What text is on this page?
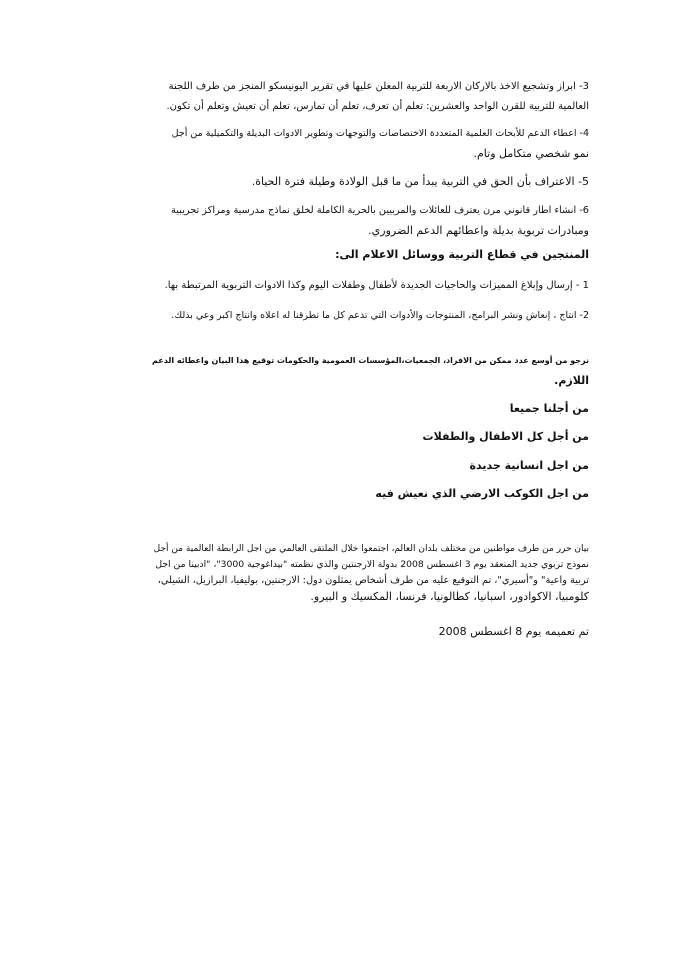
3- ابراز وتشجيع الاخذ بالاركان الاربعة للتربية المعلن عليها في تقرير اليونيسكو المنجز من طرف اللجنة
العالمية للتربية للقرن الواحد والعشرين: تعلم أن تعرف، تعلم أن تمارس، تعلم أن تعيش وتعلم أن تكون.
4- اعطاء الدعم للأبحاث العلمية المتعددة الاختصاصات والتوجهات وتطوير الادوات البديلة والتكميلية من أجل
نمو شخصي متكامل وتام.
5- الاعتراف بأن الحق في التربية يبدأ من ما قبل الولادة وطيلة فترة الحياة.
6- انشاء اطار قانوني مرن يعترف للعائلات والمربيين بالحرية الكاملة لخلق نماذج مدرسية ومراكز تجريبية
ومبادرات تربوية بديلة واعطائهم الدعم الضروري.
المنتجين في قطاع التربية ووسائل الاعلام الى:
1 - إرسال وإبلاغ المميزات والحاجيات الجديدة لأطفال وطفلات اليوم وكذا الادوات التربوية المرتبطة بها.
2- انتاج ، إنعاش ونشر البرامج، المنتوجات والأدوات التي تدعم كل ما تطرقنا له اعلاه وانتاج اكبر وعي بذلك.
نرجو من أوسع عدد ممكن من الافراد، الجمعيات،المؤسسات العمومية والحكومات توقيع هذا البيان واعطائه الدعم
اللازم.
من أجلنا جميعا
من أجل كل الاطفال والطفلات
من اجل انسانية جديدة
من اجل الكوكب الارضي الذي نعيش فيه
بيان حرر من طرف مواطنين من مختلف بلدان العالم، اجتمعوا خلال الملتقى العالمي من اجل الرابطة العالمية من أجل
نموذج تربوي جديد المنعقد يوم 3 اغسطس 2008 بدولة الارجنتين والذي نظمته "بيداغوجية 3000"، "ادبينا من اجل
تربية واعية" و"أسيري"، تم التوقيع عليه من طرف أشخاص يمثلون دول: الارجنتين، بوليفيا، البرازيل، الشيلي،
كلومبيا، الاكوادور، اسبانيا، كطالونيا، فرنسا، المكسيك و البيرو.
تم تعميمه يوم 8 اغسطس 2008
